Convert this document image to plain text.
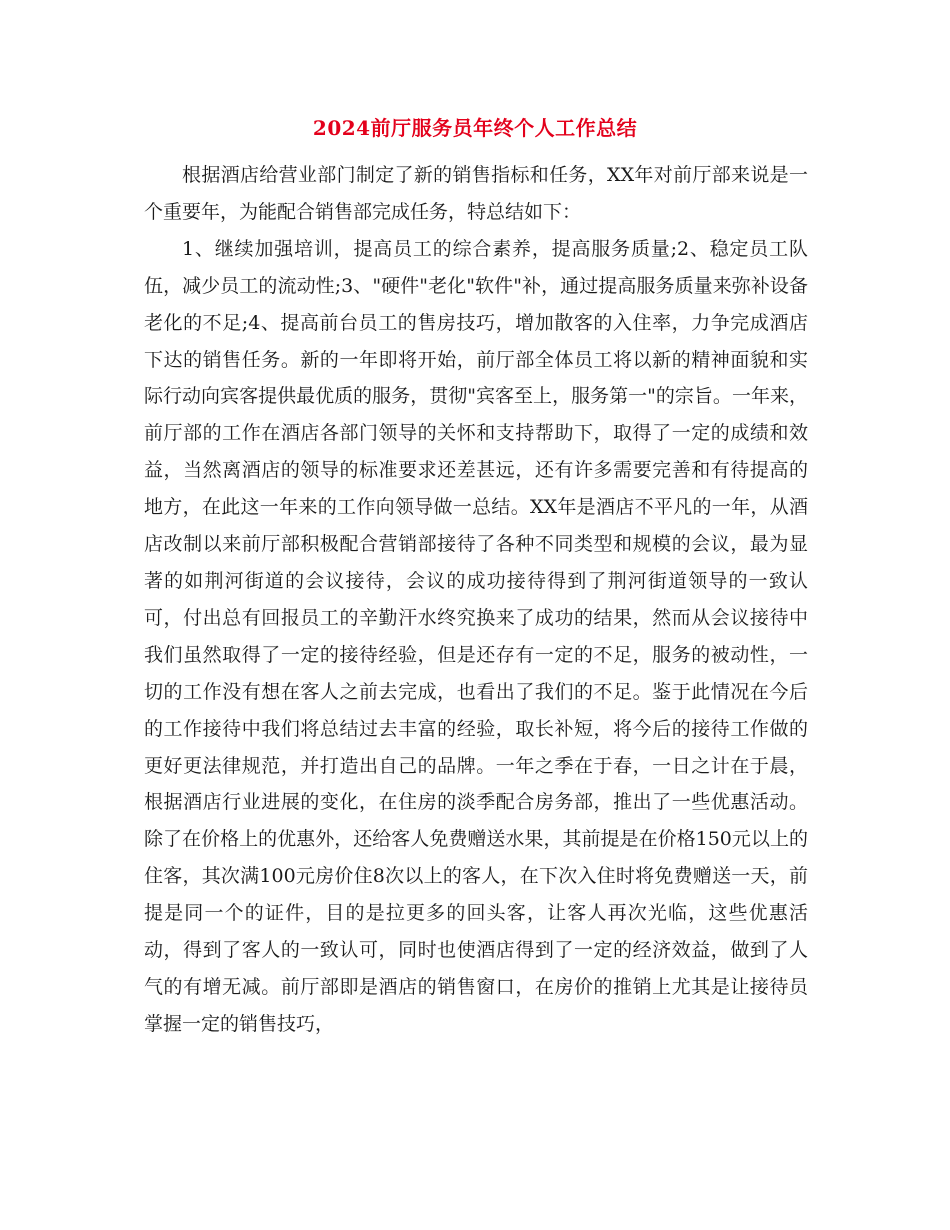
2024前厅服务员年终个人工作总结

根据酒店给营业部门制定了新的销售指标和任务，XX年对前厅部来说是一个重要年，为能配合销售部完成任务，特总结如下：

1、继续加强培训，提高员工的综合素养，提高服务质量;2、稳定员工队伍，减少员工的流动性;3、"硬件"老化"软件"补，通过提高服务质量来弥补设备老化的不足;4、提高前台员工的售房技巧，增加散客的入住率，力争完成酒店下达的销售任务。新的一年即将开始，前厅部全体员工将以新的精神面貌和实际行动向宾客提供最优质的服务，贯彻"宾客至上，服务第一"的宗旨。一年来，前厅部的工作在酒店各部门领导的关怀和支持帮助下，取得了一定的成绩和效益，当然离酒店的领导的标准要求还差甚远，还有许多需要完善和有待提高的地方，在此这一年来的工作向领导做一总结。XX年是酒店不平凡的一年，从酒店改制以来前厅部积极配合营销部接待了各种不同类型和规模的会议，最为显著的如荆河街道的会议接待，会议的成功接待得到了荆河街道领导的一致认可，付出总有回报员工的辛勤汗水终究换来了成功的结果，然而从会议接待中我们虽然取得了一定的接待经验，但是还存有一定的不足，服务的被动性，一切的工作没有想在客人之前去完成，也看出了我们的不足。鉴于此情况在今后的工作接待中我们将总结过去丰富的经验，取长补短，将今后的接待工作做的更好更法律规范，并打造出自己的品牌。一年之季在于春，一日之计在于晨，根据酒店行业进展的变化，在住房的淡季配合房务部，推出了一些优惠活动。除了在价格上的优惠外，还给客人免费赠送水果，其前提是在价格150元以上的住客，其次满100元房价住8次以上的客人，在下次入住时将免费赠送一天，前提是同一个的证件，目的是拉更多的回头客，让客人再次光临，这些优惠活动，得到了客人的一致认可，同时也使酒店得到了一定的经济效益，做到了人气的有增无减。前厅部即是酒店的销售窗口，在房价的推销上尤其是让接待员掌握一定的销售技巧，
